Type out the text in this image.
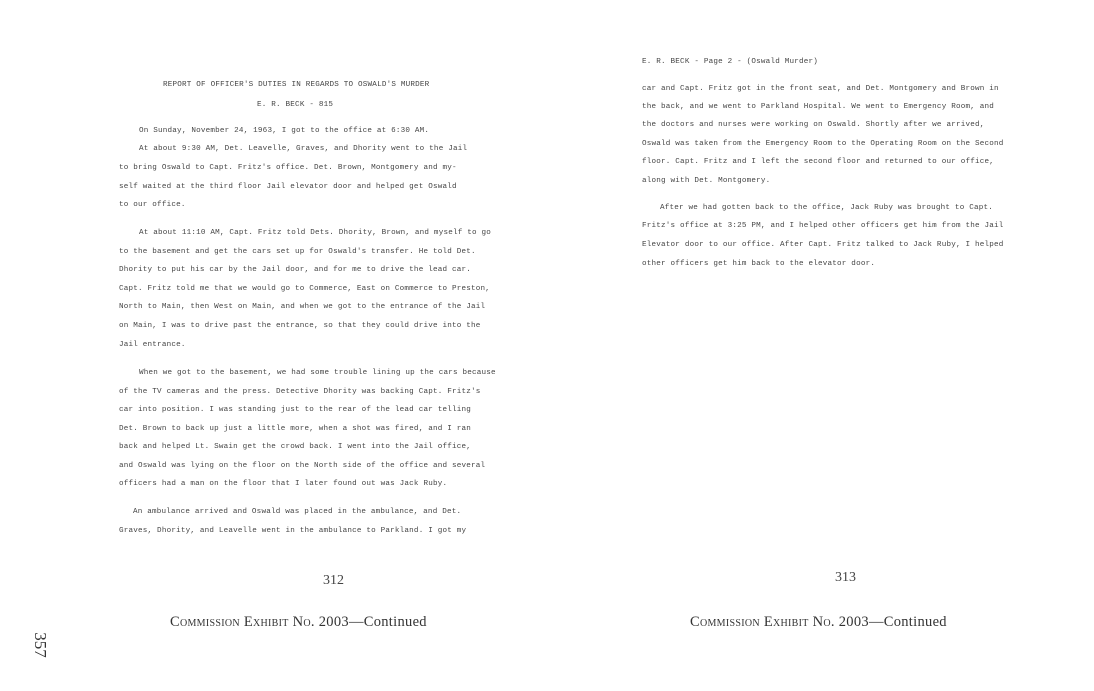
REPORT OF OFFICER'S DUTIES IN REGARDS TO OSWALD'S MURDER
E. R. BECK - 815
On Sunday, November 24, 1963, I got to the office at 6:30 AM.
At about 9:30 AM, Det. Leavelle, Graves, and Dhority went to the Jail
to bring Oswald to Capt. Fritz's office. Det. Brown, Montgomery and my-
self waited at the third floor Jail elevator door and helped get Oswald
to our office.
At about 11:10 AM, Capt. Fritz told Dets. Dhority, Brown, and myself to go
to the basement and get the cars set up for Oswald's transfer. He told Det.
Dhority to put his car by the Jail door, and for me to drive the lead car.
Capt. Fritz told me that we would go to Commerce, East on Commerce to Preston,
North to Main, then West on Main, and when we got to the entrance of the Jail
on Main, I was to drive past the entrance, so that they could drive into the
Jail entrance.
When we got to the basement, we had some trouble lining up the cars because
of the TV cameras and the press. Detective Dhority was backing Capt. Fritz's
car into position. I was standing just to the rear of the lead car telling
Det. Brown to back up just a little more, when a shot was fired, and I ran
back and helped Lt. Swain get the crowd back. I went into the Jail office,
and Oswald was lying on the floor on the North side of the office and several
officers had a man on the floor that I later found out was Jack Ruby.
An ambulance arrived and Oswald was placed in the ambulance, and Det.
Graves, Dhority, and Leavelle went in the ambulance to Parkland. I got my
312
Commission Exhibit No. 2003—Continued
E. R. BECK - Page 2 - (Oswald Murder)
car and Capt. Fritz got in the front seat, and Det. Montgomery and Brown in
the back, and we went to Parkland Hospital. We went to Emergency Room, and
the doctors and nurses were working on Oswald. Shortly after we arrived,
Oswald was taken from the Emergency Room to the Operating Room on the Second
floor. Capt. Fritz and I left the second floor and returned to our office,
along with Det. Montgomery.
After we had gotten back to the office, Jack Ruby was brought to Capt.
Fritz's office at 3:25 PM, and I helped other officers get him from the Jail
Elevator door to our office. After Capt. Fritz talked to Jack Ruby, I helped
other officers get him back to the elevator door.
313
Commission Exhibit No. 2003—Continued
357
